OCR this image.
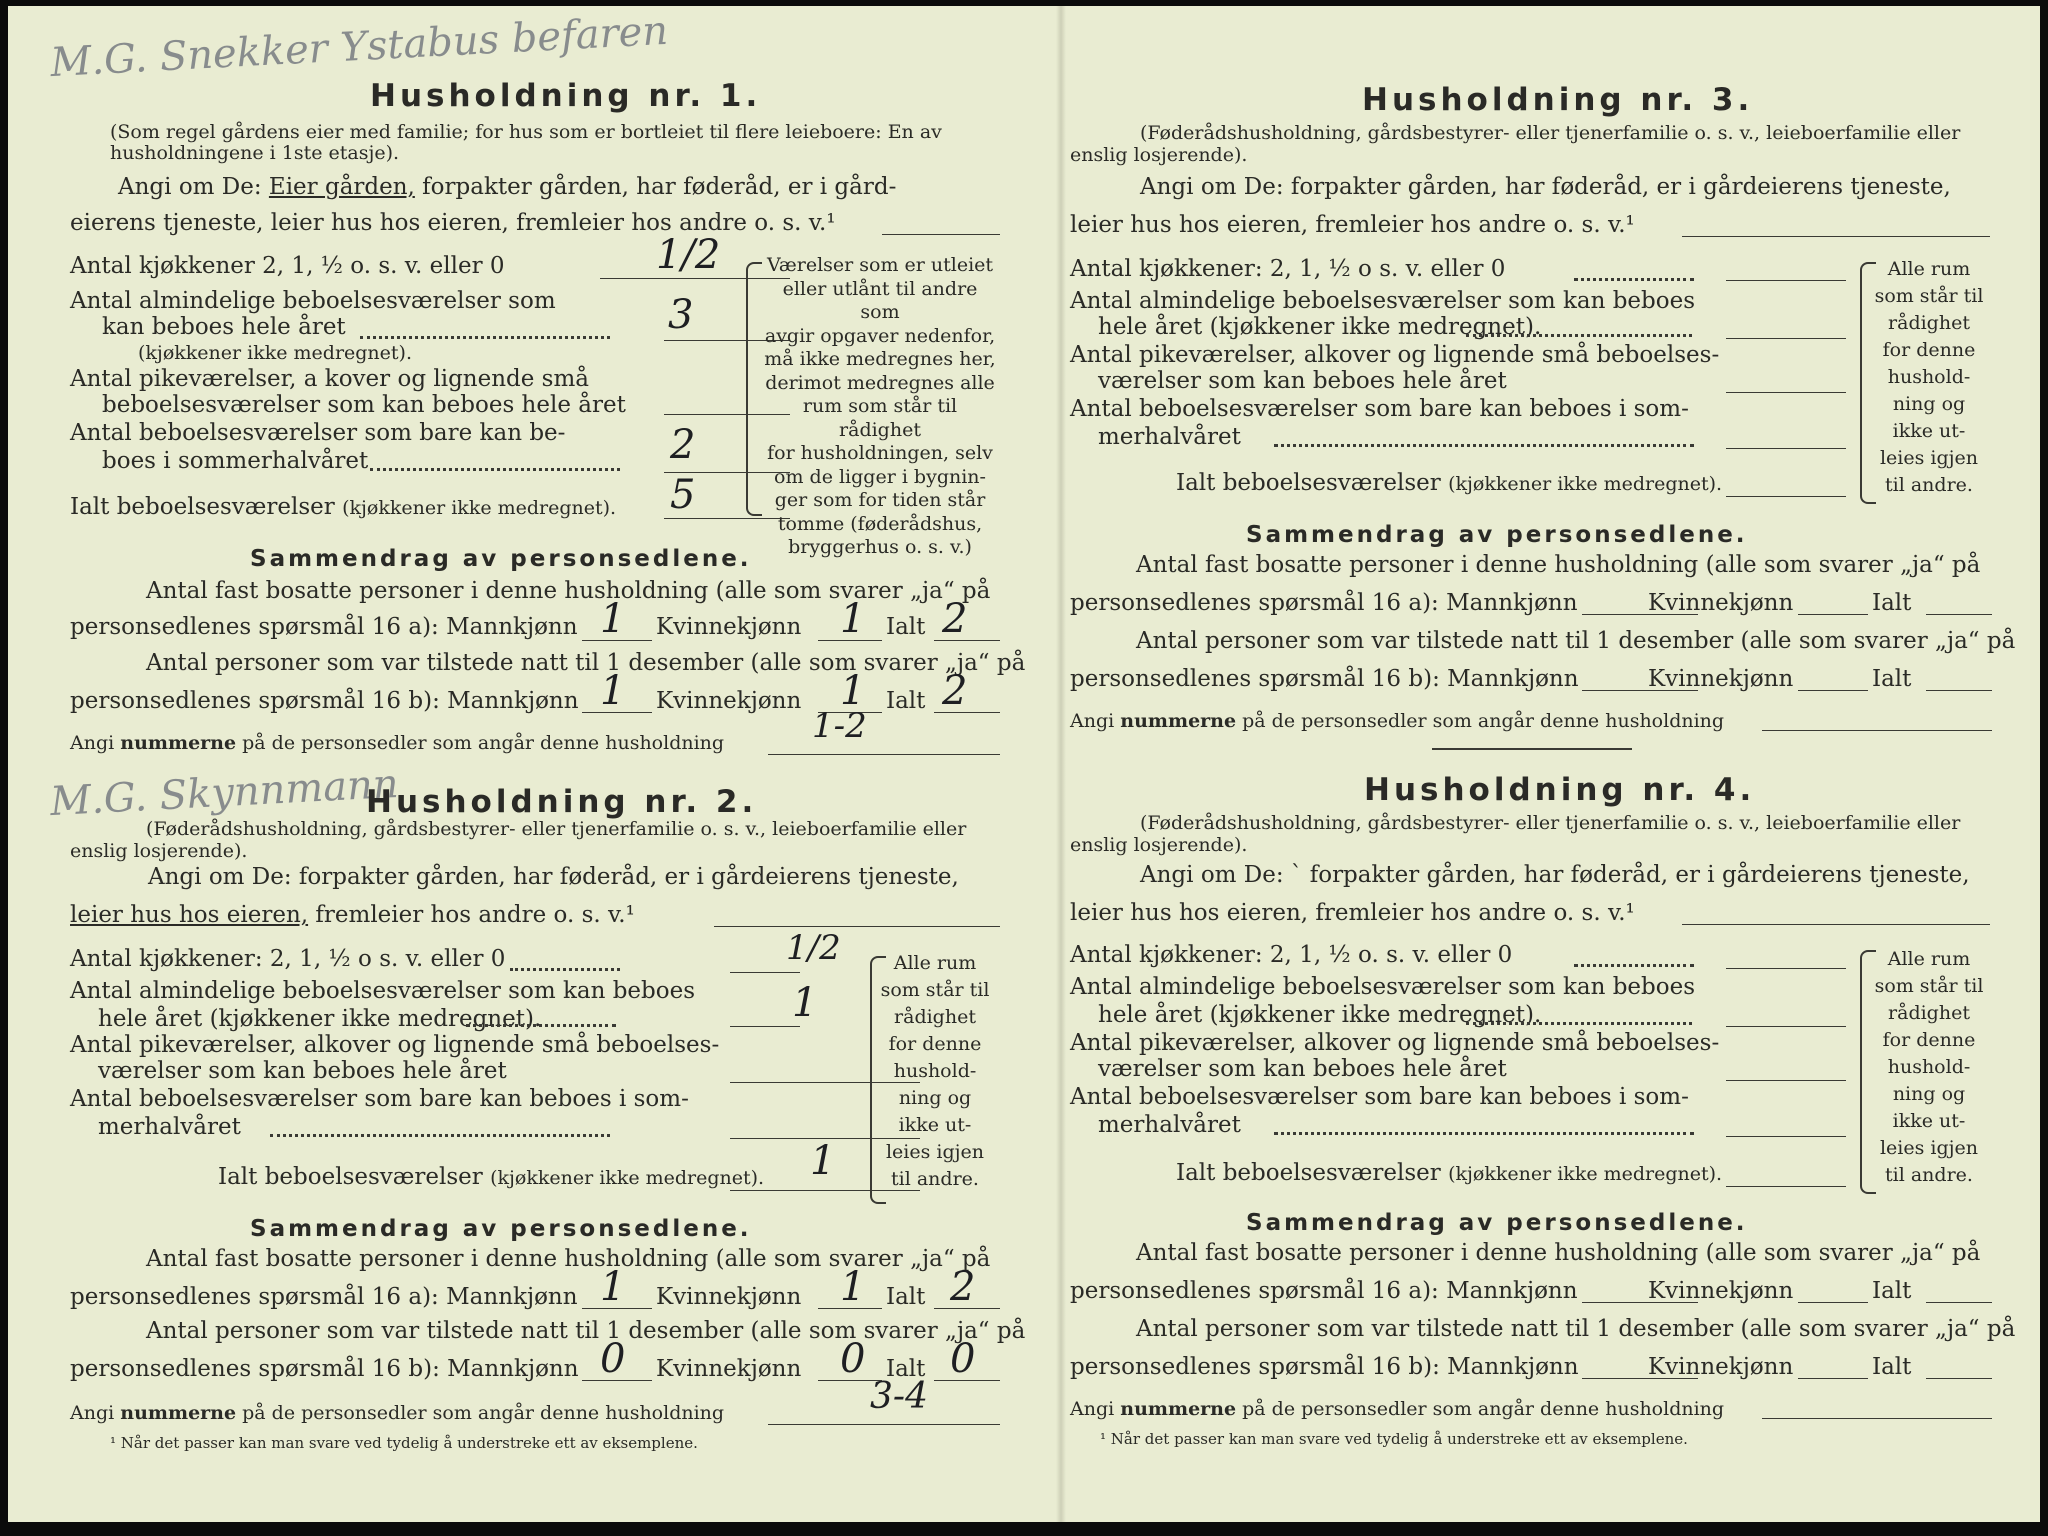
M.G. Snekker Ystabus befaren
Husholdning nr. 1.
(Som regel gårdens eier med familie; for hus som er bortleiet til flere leieboere: En av husholdningene i 1ste etasje).
Angi om De: Eier gården, forpakter gården, har føderåd, er i gård-
eierens tjeneste, leier hus hos eieren, fremleier hos andre o. s. v.¹
Antal kjøkkener 2, 1, ½ o. s. v. eller 0	1/2
Antal almindelige beboelsesværelser som
kan beboes hele året
(kjøkkener ikke medregnet).
3
Antal pikeværelser, a kover og lignende små
beboelsesværelser som kan beboes hele året
Antal beboelsesværelser som bare kan be-
boes i sommerhalvåret	2
Ialt beboelsesværelser (kjøkkener ikke medregnet). 5
Værelser som er utleiet
eller utlånt til andre som
avgir opgaver nedenfor,
må ikke medregnes her,
derimot medregnes alle
rum som står til rådighet
for husholdningen, selv
om de ligger i bygnin-
ger som for tiden står
tomme (føderådshus,
bryggerhus o. s. v.)
Sammendrag av personsedlene.
Antal fast bosatte personer i denne husholdning (alle som svarer „ja“ på
personsedlenes spørsmål 16 a): Mannkjønn 1 Kvinnekjønn 1 Ialt 2
Antal personer som var tilstede natt til 1 desember (alle som svarer „ja“ på
personsedlenes spørsmål 16 b): Mannkjønn 1 Kvinnekjønn 1 Ialt 2
Angi nummerne på de personsedler som angår denne husholdning	1-2
M.G. Skynnmann
Husholdning nr. 2.
(Føderådshusholdning, gårdsbestyrer- eller tjenerfamilie o. s. v., leieboerfamilie eller
enslig losjerende).
Angi om De: forpakter gården, har føderåd, er i gårdeierens tjeneste,
leier hus hos eieren, fremleier hos andre o. s. v.¹
Antal kjøkkener: 2, 1, ½ o s. v. eller 0	1/2
Antal almindelige beboelsesværelser som kan beboes
hele året (kjøkkener ikke medregnet).	1
Antal pikeværelser, alkover og lignende små beboelses-
værelser som kan beboes hele året
Antal beboelsesværelser som bare kan beboes i som-
merhalvåret
Ialt beboelsesværelser (kjøkkener ikke medregnet). 1
Alle rum
som står til
rådighet
for denne
hushold-
ning og
ikke ut-
leies igjen
til andre.
Sammendrag av personsedlene.
Antal fast bosatte personer i denne husholdning (alle som svarer „ja“ på
personsedlenes spørsmål 16 a): Mannkjønn 1 Kvinnekjønn 1 Ialt 2
Antal personer som var tilstede natt til 1 desember (alle som svarer „ja“ på
personsedlenes spørsmål 16 b): Mannkjønn 0 Kvinnekjønn 0 Ialt 0
Angi nummerne på de personsedler som angår denne husholdning	3-4
¹ Når det passer kan man svare ved tydelig å understreke ett av eksemplene.
Husholdning nr. 3.
(Føderådshusholdning, gårdsbestyrer- eller tjenerfamilie o. s. v., leieboerfamilie eller
enslig losjerende).
Angi om De: forpakter gården, har føderåd, er i gårdeierens tjeneste,
leier hus hos eieren, fremleier hos andre o. s. v.¹
Antal kjøkkener: 2, 1, ½ o s. v. eller 0
Antal almindelige beboelsesværelser som kan beboes
hele året (kjøkkener ikke medregnet).
Antal pikeværelser, alkover og lignende små beboelses-
værelser som kan beboes hele året
Antal beboelsesværelser som bare kan beboes i som-
merhalvåret
Ialt beboelsesværelser (kjøkkener ikke medregnet).
Alle rum
som står til
rådighet
for denne
hushold-
ning og
ikke ut-
leies igjen
til andre.
Sammendrag av personsedlene.
Antal fast bosatte personer i denne husholdning (alle som svarer „ja“ på
personsedlenes spørsmål 16 a): Mannkjønn	Kvinnekjønn	Ialt
Antal personer som var tilstede natt til 1 desember (alle som svarer „ja“ på
personsedlenes spørsmål 16 b): Mannkjønn	Kvinnekjønn	Ialt
Angi nummerne på de personsedler som angår denne husholdning
Husholdning nr. 4.
(Føderådshusholdning, gårdsbestyrer- eller tjenerfamilie o. s. v., leieboerfamilie eller
enslig losjerende).
Angi om De: ` forpakter gården, har føderåd, er i gårdeierens tjeneste,
leier hus hos eieren, fremleier hos andre o. s. v.¹
Antal kjøkkener: 2, 1, ½ o. s. v. eller 0
Antal almindelige beboelsesværelser som kan beboes
hele året (kjøkkener ikke medregnet).
Antal pikeværelser, alkover og lignende små beboelses-
værelser som kan beboes hele året
Antal beboelsesværelser som bare kan beboes i som-
merhalvåret
Ialt beboelsesværelser (kjøkkener ikke medregnet).
Alle rum
som står til
rådighet
for denne
hushold-
ning og
ikke ut-
leies igjen
til andre.
Sammendrag av personsedlene.
Antal fast bosatte personer i denne husholdning (alle som svarer „ja“ på
personsedlenes spørsmål 16 a): Mannkjønn	Kvinnekjønn	Ialt
Antal personer som var tilstede natt til 1 desember (alle som svarer „ja“ på
personsedlenes spørsmål 16 b): Mannkjønn	Kvinnekjønn	Ialt
Angi nummerne på de personsedler som angår denne husholdning
¹ Når det passer kan man svare ved tydelig å understreke ett av eksemplene.
